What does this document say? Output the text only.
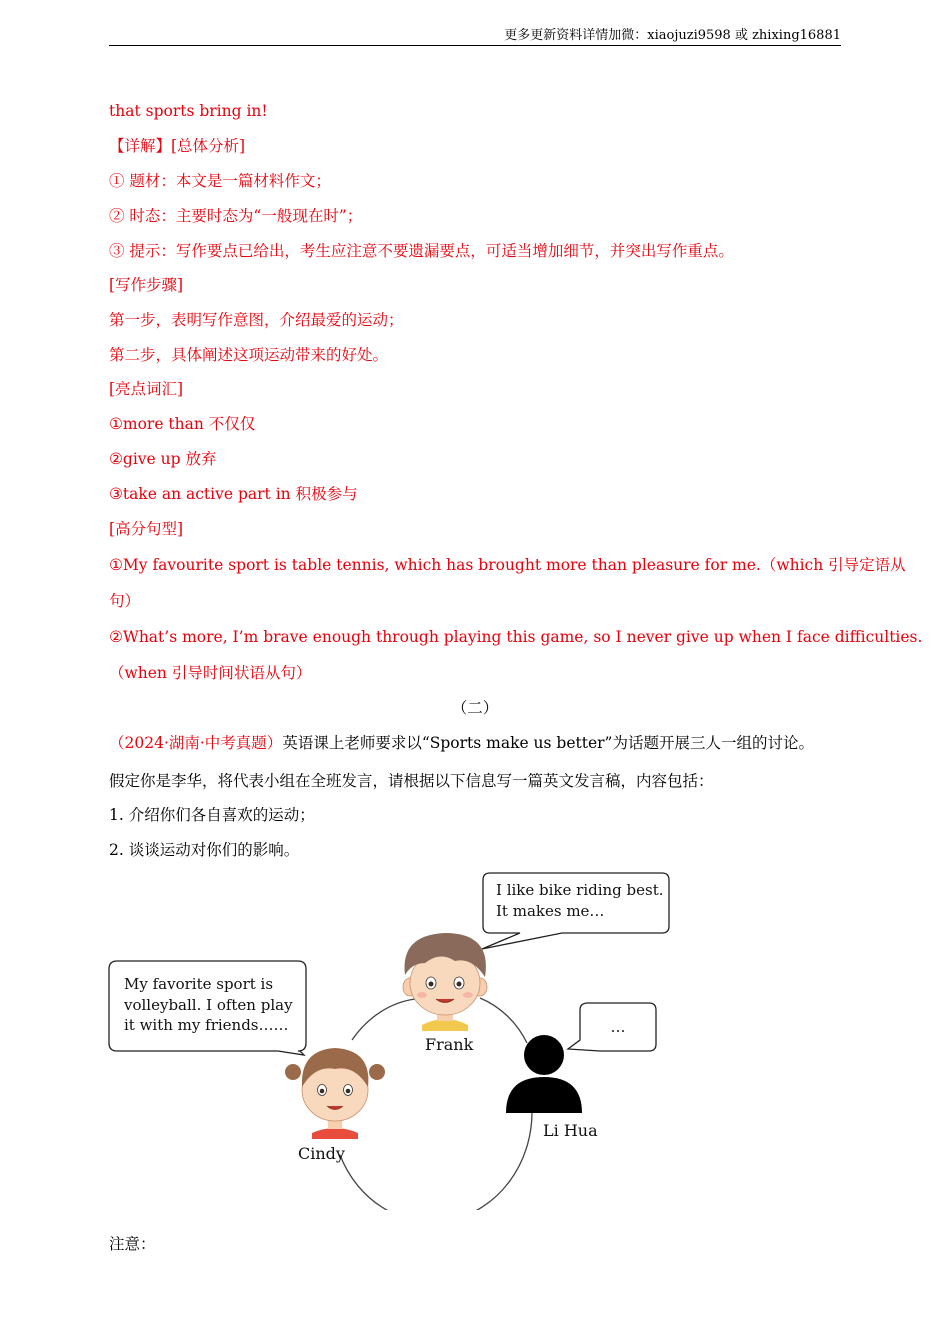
更多更新资料详情加微：xiaojuzi9598 或 zhixing16881
that sports bring in!
【详解】[总体分析]
① 题材：本文是一篇材料作文；
② 时态：主要时态为“一般现在时”；
③ 提示：写作要点已给出，考生应注意不要遗漏要点，可适当增加细节，并突出写作重点。
[写作步骤]
第一步，表明写作意图，介绍最爱的运动；
第二步，具体阐述这项运动带来的好处。
[亮点词汇]
①more than 不仅仅
②give up 放弃
③take an active part in 积极参与
[高分句型]
①My favourite sport is table tennis, which has brought more than pleasure for me.（which 引导定语从
句）
②What’s more, I’m brave enough through playing this game, so I never give up when I face difficulties.
（when 引导时间状语从句）
（二）
（2024·湖南·中考真题）英语课上老师要求以“Sports make us better”为话题开展三人一组的讨论。
假定你是李华，将代表小组在全班发言，请根据以下信息写一篇英文发言稿，内容包括：
1. 介绍你们各自喜欢的运动；
2. 谈谈运动对你们的影响。
I like bike riding best.
It makes me…
My favorite sport is
volleyball. I often play
it with my friends……	…
Frank
Cindy
Li Hua
注意：
